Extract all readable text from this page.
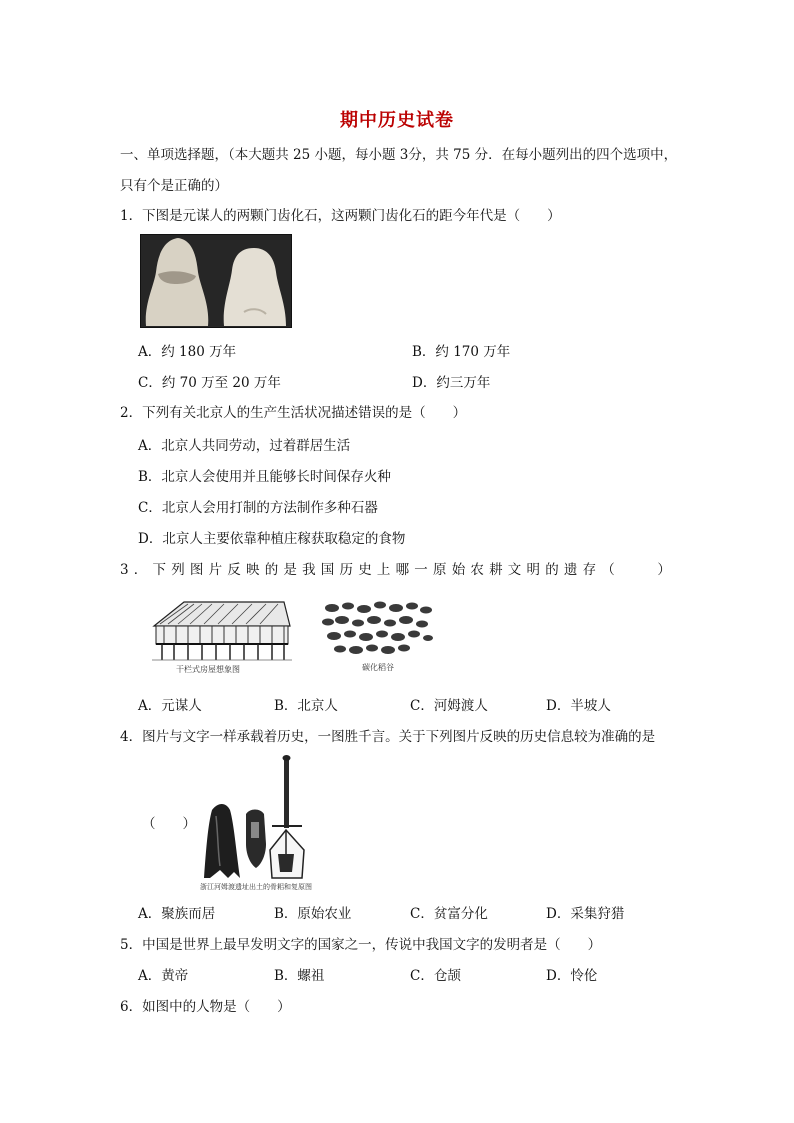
期中历史试卷
一、单项选择题，（本大题共 25 小题，每小题 3分，共 75 分．在每小题列出的四个选项中，
只有个是正确的）
1．下图是元谋人的两颗门齿化石，这两颗门齿化石的距今年代是（　　）
A．约 180 万年	B．约 170 万年
C．约 70 万至 20 万年	D．约三万年
2．下列有关北京人的生产生活状况描述错误的是（　　）
A．北京人共同劳动，过着群居生活
B．北京人会使用并且能够长时间保存火种
C．北京人会用打制的方法制作多种石器
D．北京人主要依靠种植庄稼获取稳定的食物
3．下列图片反映的是我国历史上哪一原始农耕文明的遗存（　　）
干栏式房屋想象图	碳化稻谷
A．元谋人	B．北京人	C．河姆渡人	D．半坡人
4．图片与文字一样承载着历史，一图胜千言。关于下列图片反映的历史信息较为准确的是
（　　）
浙江河姆渡遗址出土的骨耜和复原图
A．聚族而居	B．原始农业	C．贫富分化	D．采集狩猎
5．中国是世界上最早发明文字的国家之一，传说中我国文字的发明者是（　　）
A．黄帝	B．螺祖	C．仓颉	D．怜伦
6．如图中的人物是（　　）
